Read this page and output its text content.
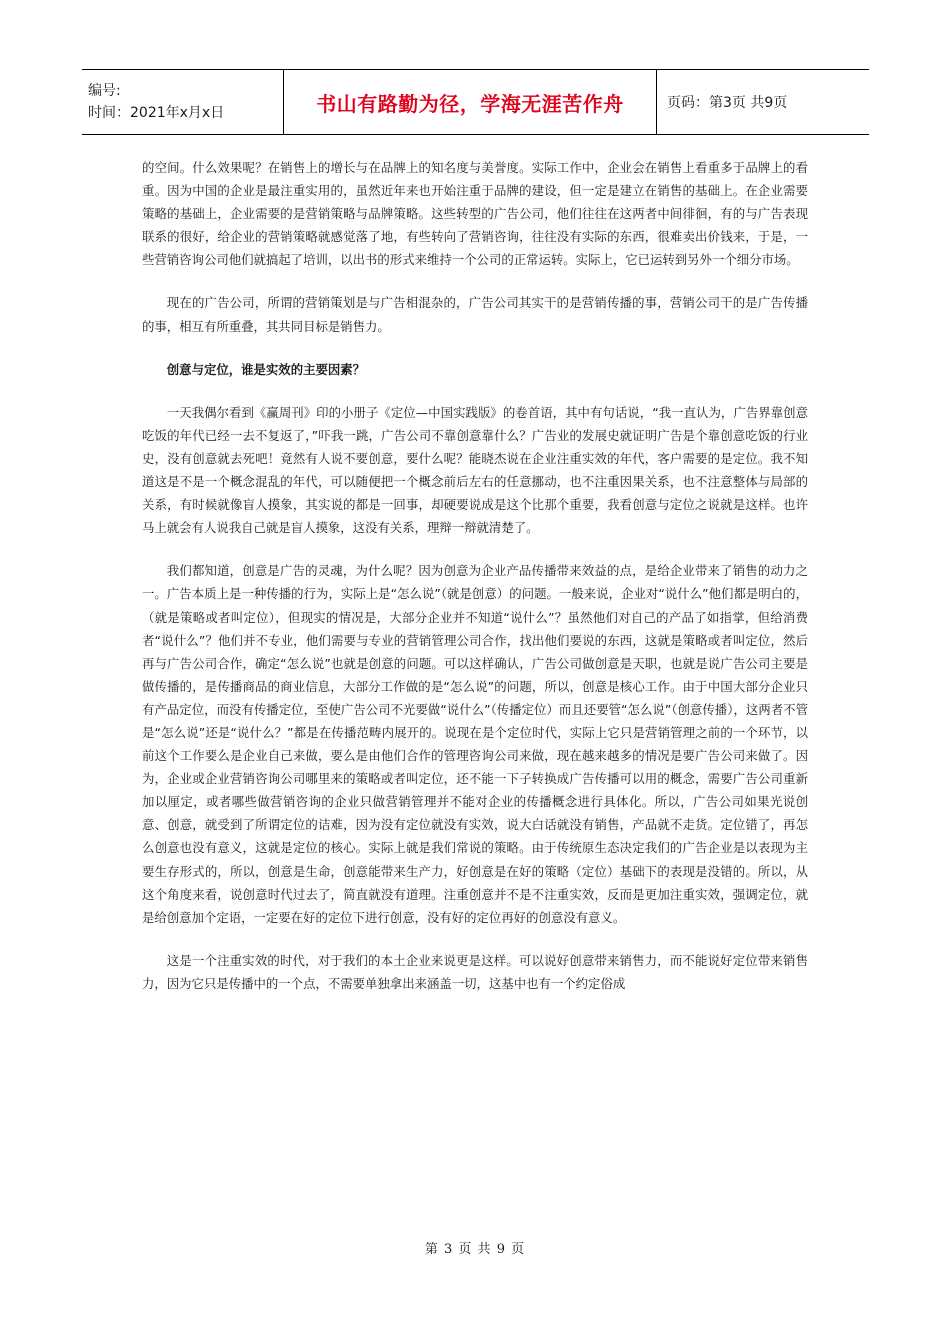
编号:
时间：2021年x月x日	书山有路勤为径，学海无涯苦作舟	页码：第3页 共9页

的空间。什么效果呢？在销售上的增长与在品牌上的知名度与美誉度。实际工作中，企业会在销售上看重多于品牌上的看重。因为中国的企业是最注重实用的，虽然近年来也开始注重于品牌的建设，但一定是建立在销售的基础上。在企业需要策略的基础上，企业需要的是营销策略与品牌策略。这些转型的广告公司，他们往往在这两者中间徘徊，有的与广告表现联系的很好，给企业的营销策略就感觉落了地，有些转向了营销咨询，往往没有实际的东西，很难卖出价钱来，于是，一些营销咨询公司他们就搞起了培训，以出书的形式来维持一个公司的正常运转。实际上，它已运转到另外一个细分市场。

现在的广告公司，所谓的营销策划是与广告相混杂的，广告公司其实干的是营销传播的事，营销公司干的是广告传播的事，相互有所重叠，其共同目标是销售力。

创意与定位，谁是实效的主要因素？

一天我偶尔看到《赢周刊》印的小册子《定位—中国实践版》的卷首语，其中有句话说，“我一直认为，广告界靠创意吃饭的年代已经一去不复返了，”吓我一跳，广告公司不靠创意靠什么？广告业的发展史就证明广告是个靠创意吃饭的行业史，没有创意就去死吧！竟然有人说不要创意，要什么呢？能晓杰说在企业注重实效的年代，客户需要的是定位。我不知道这是不是一个概念混乱的年代，可以随便把一个概念前后左右的任意挪动，也不注重因果关系，也不注意整体与局部的关系，有时候就像盲人摸象，其实说的都是一回事，却硬要说成是这个比那个重要，我看创意与定位之说就是这样。也许马上就会有人说我自己就是盲人摸象，这没有关系，理辩一辩就清楚了。

我们都知道，创意是广告的灵魂，为什么呢？因为创意为企业产品传播带来效益的点，是给企业带来了销售的动力之一。广告本质上是一种传播的行为，实际上是“怎么说”（就是创意）的问题。一般来说，企业对“说什么”他们都是明白的，（就是策略或者叫定位），但现实的情况是，大部分企业并不知道“说什么”？虽然他们对自己的产品了如指掌，但给消费者“说什么”？他们并不专业，他们需要与专业的营销管理公司合作，找出他们要说的东西，这就是策略或者叫定位，然后再与广告公司合作，确定“怎么说”也就是创意的问题。可以这样确认，广告公司做创意是天职，也就是说广告公司主要是做传播的，是传播商品的商业信息，大部分工作做的是“怎么说”的问题，所以，创意是核心工作。由于中国大部分企业只有产品定位，而没有传播定位，至使广告公司不光要做“说什么”（传播定位）而且还要管“怎么说”（创意传播），这两者不管是“怎么说”还是“说什么？”都是在传播范畴内展开的。说现在是个定位时代，实际上它只是营销管理之前的一个环节，以前这个工作要么是企业自己来做，要么是由他们合作的管理咨询公司来做，现在越来越多的情况是要广告公司来做了。因为，企业或企业营销咨询公司哪里来的策略或者叫定位，还不能一下子转换成广告传播可以用的概念，需要广告公司重新加以厘定，或者哪些做营销咨询的企业只做营销管理并不能对企业的传播概念进行具体化。所以，广告公司如果光说创意、创意，就受到了所谓定位的诘难，因为没有定位就没有实效，说大白话就没有销售，产品就不走货。定位错了，再怎么创意也没有意义，这就是定位的核心。实际上就是我们常说的策略。由于传统原生态决定我们的广告企业是以表现为主要生存形式的，所以，创意是生命，创意能带来生产力，好创意是在好的策略（定位）基础下的表现是没错的。所以，从这个角度来看，说创意时代过去了，简直就没有道理。注重创意并不是不注重实效，反而是更加注重实效，强调定位，就是给创意加个定语，一定要在好的定位下进行创意，没有好的定位再好的创意没有意义。

这是一个注重实效的时代，对于我们的本土企业来说更是这样。可以说好创意带来销售力，而不能说好定位带来销售力，因为它只是传播中的一个点，不需要单独拿出来涵盖一切，这基中也有一个约定俗成

第 3 页 共 9 页
